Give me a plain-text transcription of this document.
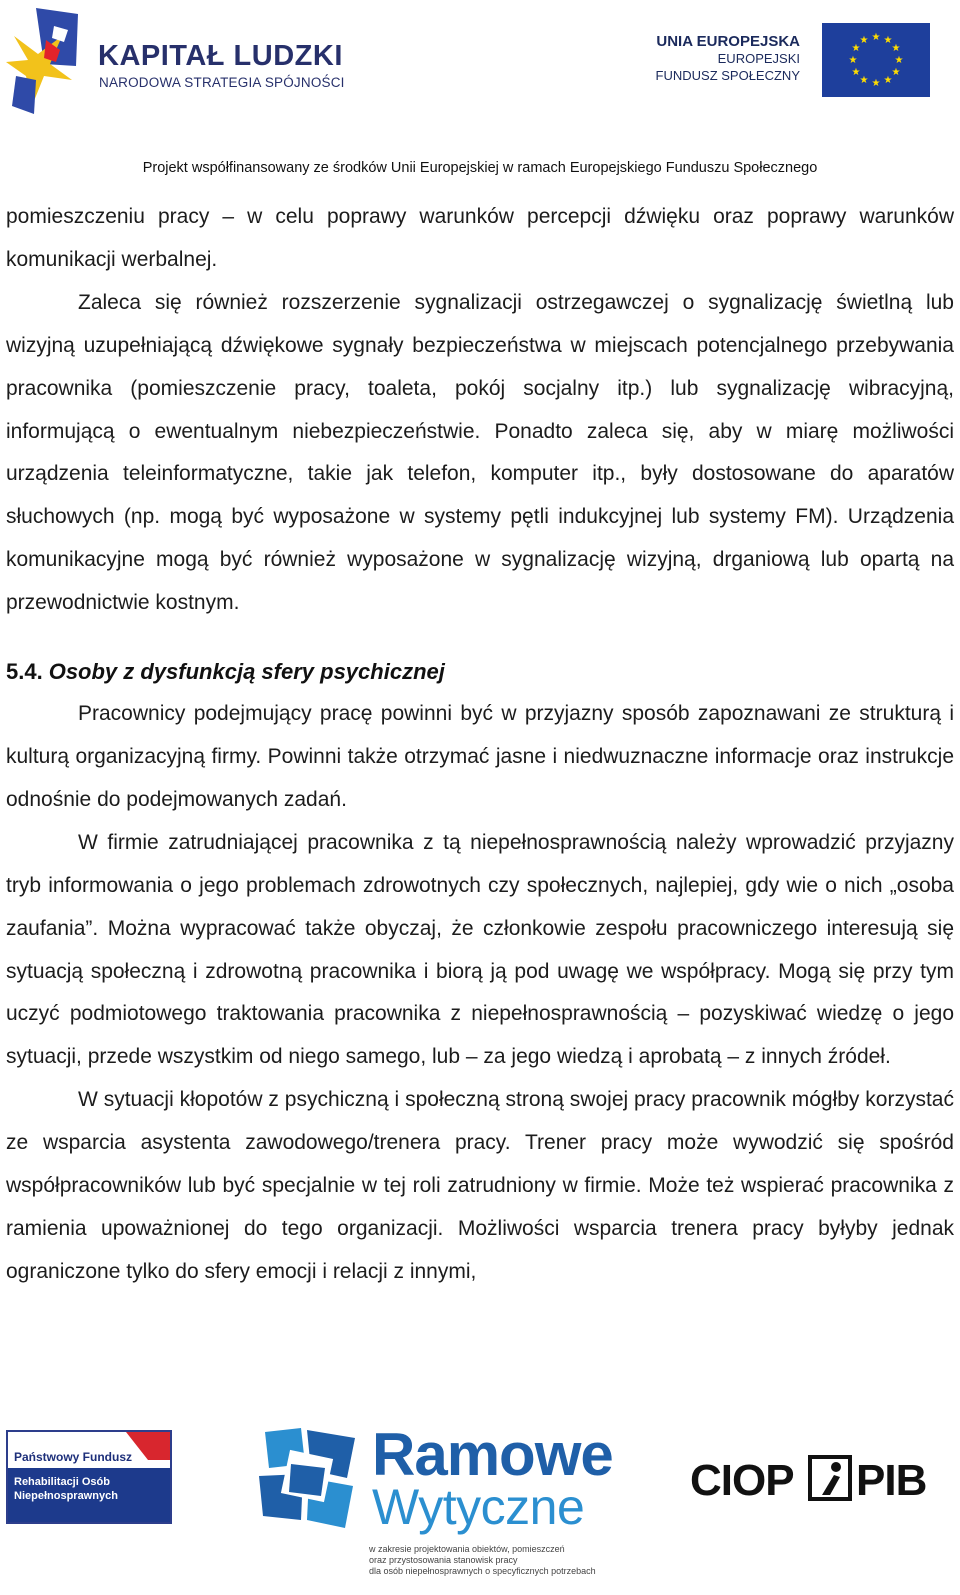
KAPITAŁ LUDZKI
NARODOWA STRATEGIA SPÓJNOŚCI
UNIA EUROPEJSKA
EUROPEJSKI
FUNDUSZ SPOŁECZNY
★ ★
★
★
★
★
★
★
★
★
★
★
Projekt współfinansowany ze środków Unii Europejskiej w ramach Europejskiego Funduszu Społecznego

pomieszczeniu pracy – w celu poprawy warunków percepcji dźwięku oraz poprawy warunków komunikacji werbalnej.

Zaleca się również rozszerzenie sygnalizacji ostrzegawczej o sygnalizację świetlną lub wizyjną uzupełniającą dźwiękowe sygnały bezpieczeństwa w miejscach potencjalnego przebywania pracownika (pomieszczenie pracy, toaleta, pokój socjalny itp.) lub sygnalizację wibracyjną, informującą o ewentualnym niebezpieczeństwie. Ponadto zaleca się, aby w miarę możliwości urządzenia teleinformatyczne, takie jak telefon, komputer itp., były dostosowane do aparatów słuchowych (np. mogą być wyposażone w systemy pętli indukcyjnej lub systemy FM). Urządzenia komunikacyjne mogą być również wyposażone w sygnalizację wizyjną, drganiową lub opartą na przewodnictwie kostnym.

5.4. Osoby z dysfunkcją sfery psychicznej

Pracownicy podejmujący pracę powinni być w przyjazny sposób zapoznawani ze strukturą i kulturą organizacyjną firmy. Powinni także otrzymać jasne i niedwuznaczne informacje oraz instrukcje odnośnie do podejmowanych zadań.

W firmie zatrudniającej pracownika z tą niepełnosprawnością należy wprowadzić przyjazny tryb informowania o jego problemach zdrowotnych czy społecznych, najlepiej, gdy wie o nich „osoba zaufania”. Można wypracować także obyczaj, że członkowie zespołu pracowniczego interesują się sytuacją społeczną i zdrowotną pracownika i biorą ją pod uwagę we współpracy. Mogą się przy tym uczyć podmiotowego traktowania pracownika z niepełnosprawnością – pozyskiwać wiedzę o jego sytuacji, przede wszystkim od niego samego, lub – za jego wiedzą i aprobatą – z innych źródeł.

W sytuacji kłopotów z psychiczną i społeczną stroną swojej pracy pracownik mógłby korzystać ze wsparcia asystenta zawodowego/trenera pracy. Trener pracy może wywodzić się spośród współpracowników lub być specjalnie w tej roli zatrudniony w firmie. Może też wspierać pracownika z ramienia upoważnionej do tego organizacji. Możliwości wsparcia trenera pracy byłyby jednak ograniczone tylko do sfery emocji i relacji z innymi,

Państwowy Fundusz
Rehabilitacji Osób
Niepełnosprawnych
Ramowe
Wytyczne
w zakresie projektowania obiektów, pomieszczeń
oraz przystosowania stanowisk pracy
dla osób niepełnosprawnych o specyficznych potrzebach
CIOP PIB
